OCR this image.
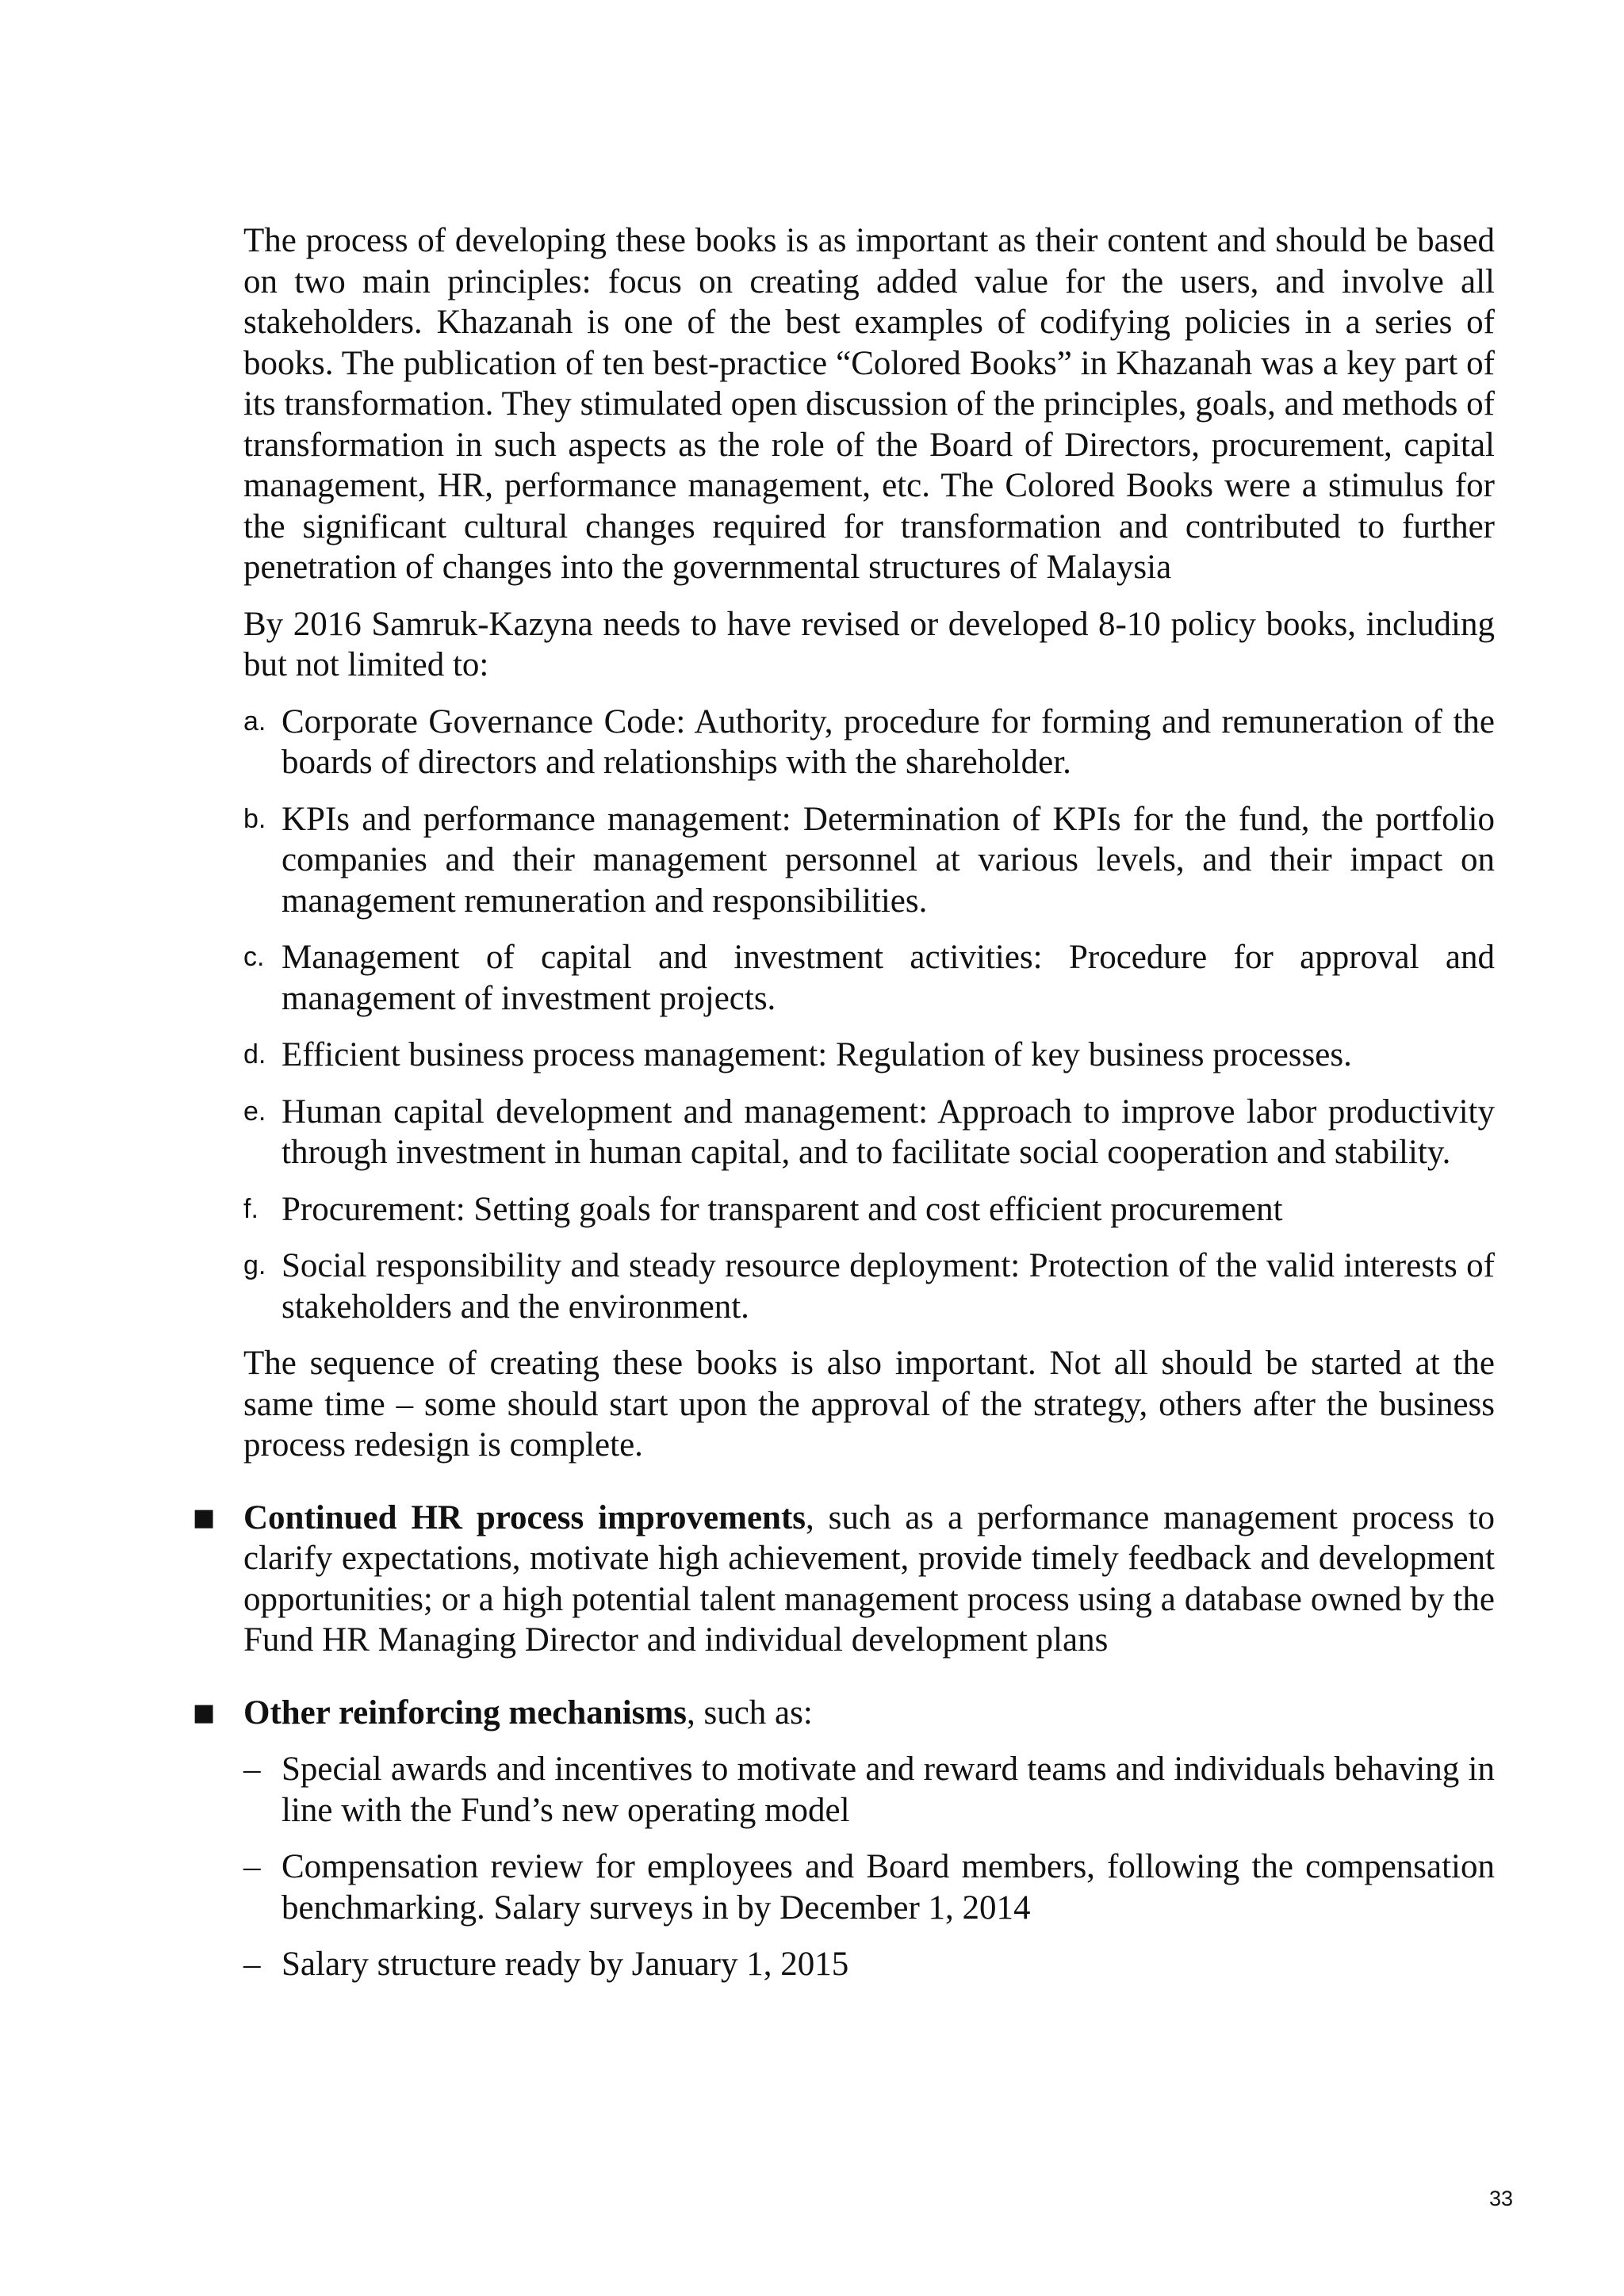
The process of developing these books is as important as their content and should be based on two main principles: focus on creating added value for the users, and involve all stakeholders. Khazanah is one of the best examples of codifying policies in a series of books. The publication of ten best-practice “Colored Books” in Khazanah was a key part of its transformation. They stimulated open discussion of the principles, goals, and methods of transformation in such aspects as the role of the Board of Directors, procurement, capital management, HR, performance management, etc. The Colored Books were a stimulus for the significant cultural changes required for transformation and contributed to further penetration of changes into the governmental structures of Malaysia

By 2016 Samruk-Kazyna needs to have revised or developed 8-10 policy books, including but not limited to:

a. Corporate Governance Code: Authority, procedure for forming and remuneration of the boards of directors and relationships with the shareholder.
b. KPIs and performance management: Determination of KPIs for the fund, the portfolio companies and their management personnel at various levels, and their impact on management remuneration and responsibilities.
c. Management of capital and investment activities: Procedure for approval and management of investment projects.
d. Efficient business process management: Regulation of key business processes.
e. Human capital development and management: Approach to improve labor productivity through investment in human capital, and to facilitate social cooperation and stability.
f. Procurement: Setting goals for transparent and cost efficient procurement
g. Social responsibility and steady resource deployment: Protection of the valid interests of stakeholders and the environment.

The sequence of creating these books is also important. Not all should be started at the same time – some should start upon the approval of the strategy, others after the business process redesign is complete.

■ Continued HR process improvements, such as a performance management process to clarify expectations, motivate high achievement, provide timely feedback and development opportunities; or a high potential talent management process using a database owned by the Fund HR Managing Director and individual development plans

■ Other reinforcing mechanisms, such as:

– Special awards and incentives to motivate and reward teams and individuals behaving in line with the Fund’s new operating model
– Compensation review for employees and Board members, following the compensation benchmarking. Salary surveys in by December 1, 2014
– Salary structure ready by January 1, 2015
33
